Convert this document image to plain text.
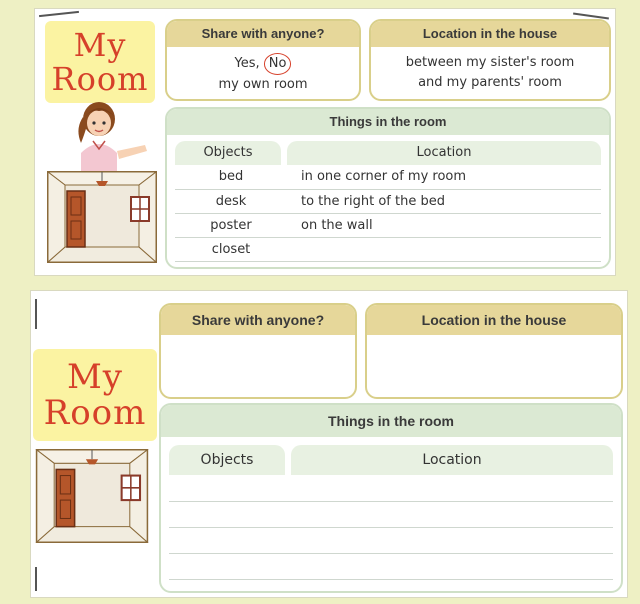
My
Room
Share with anyone?
Yes, No
my own room
Location in the house
between my sister's room
and my parents' room
Things in the room
Objects	Location

bed	in one corner of my room
desk	to the right of the bed
poster	on the wall
closet	
My
Room
Share with anyone?	Location in the house
Things in the room
Objects	Location
